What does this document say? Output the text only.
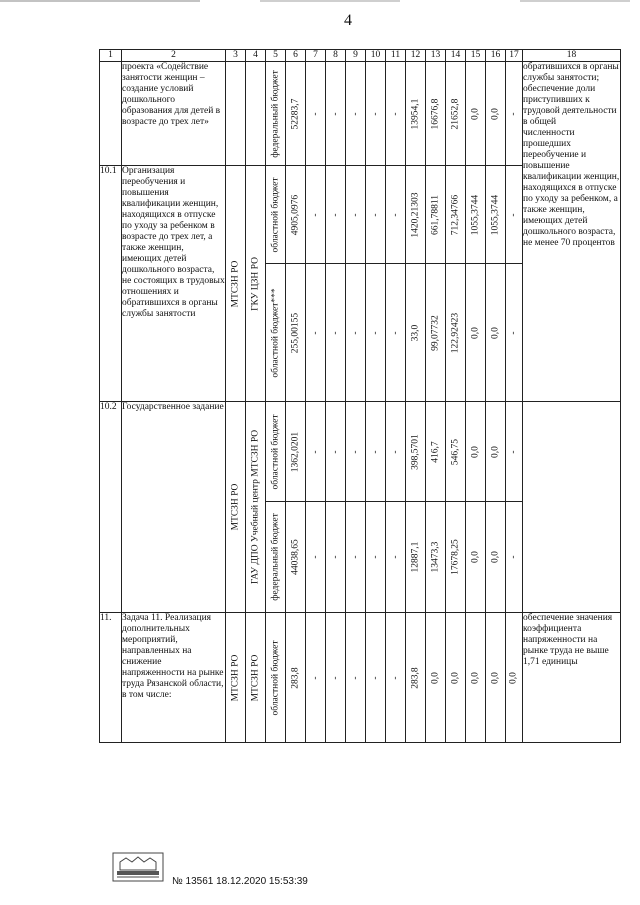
4
1	2	3	4	5	6	7	8	9	10	11	12	13	14	15	16	17	18
	проекта «Содействие занятости женщин – создание условий дошкольного образования для детей в возрасте до трех лет»			федеральный бюджет	52283,7	-	-	-	-	-	13954,1	16676,8	21652,8	0,0	0,0	-	обратившихся в органы службы занятости; обеспечение доли приступивших к трудовой деятельности в общей
численности прошедших переобучение и повышение квалификации женщин, находящихся в отпуске по уходу за ребенком, а также женщин, имеющих детей дошкольного возраста, не менее 70 процентов
10.1	Организация переобучения и повышения квалификации женщин, находящихся в отпуске по уходу за ребенком в возрасте до трех лет, а также женщин, имеющих детей дошкольного возраста, не состоящих в трудовых отношениях и обратившихся в органы службы занятости	МТСЗН РО	ГКУ ЦЗН РО	областной бюджет	4905,0976	-	-	-	-	-	1420,21303	661,78811	712,34766	1055,3744	1055,3744	-	

				областной бюджет***	255,00155	-	-	-	-	-	33,0	99,07732	122,92423	0,0	0,0	-	

10.2	Государственное задание	МТСЗН РО	ГАУ ДПО Учебный центр МТСЗН РО	областной бюджет	1362,0201	-	-	-	-	-	398,5701	416,7	546,75	0,0	0,0	-	

				федеральный бюджет	44038,65	-	-	-	-	-	12887,1	13473,3	17678,25	0,0	0,0	-	

11.	Задача 11. Реализация дополнительных мероприятий, направленных на снижение напряженности на рынке труда Рязанской области, в том числе:	МТСЗН РО	МТСЗН РО	областной бюджет	283,8	-	-	-	-	-	283,8	0,0	0,0	0,0	0,0	0,0	обеспечение значения коэффициента напряженности на рынке труда не выше 1,71 единицы
№ 13561 18.12.2020 15:53:39
